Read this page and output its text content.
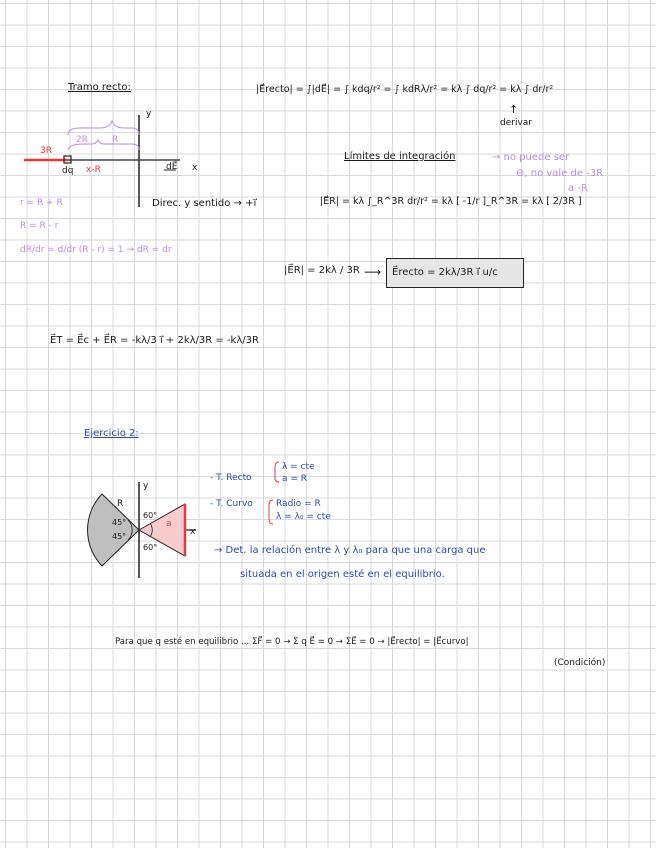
Tramo recto:	|E⃗recto| = ∫|dE⃗| = ∫ kdq/r² = ∫ kdRλ/r² = kλ ∫ dq/r² = kλ ∫ dr/r²
derivar
↑
Límites de integración	→ no puede ser
⊖, no vale de -3R
a -R
Direc. y sentido → +i⃗	|E⃗R| = kλ ∫_R^3R dr/r² = kλ [ -1/r ]_R^3R = kλ [ 2/3R ]
|E⃗R| = 2kλ / 3R ⟶ E⃗recto = 2kλ/3R i⃗ u/c
E⃗T = E⃗c + E⃗R = -kλ/3 i⃗ + 2kλ/3R = -kλ/3R
r = R + R
R = R - r
dR/dr = d/dr (R - r) = 1 → dR = dr
y
x
dE⃗
3R
dq x-R
R
2R
Ejercicio 2:
- T. Recto
λ = cte
a = R
- T. Curvo	Radio = R
λ = λ₀ = cte
→ Det. la relación entre λ y λ₀ para que una carga que
situada en el origen esté en el equilibrio.
y
x
R
a
45°
45°
60°
60°
Para que q esté en equilibrio ... ΣF⃗ = 0 → Σ q E⃗ = 0 → ΣE⃗ = 0 → |E⃗recto| = |E⃗curvo|
(Condición)
